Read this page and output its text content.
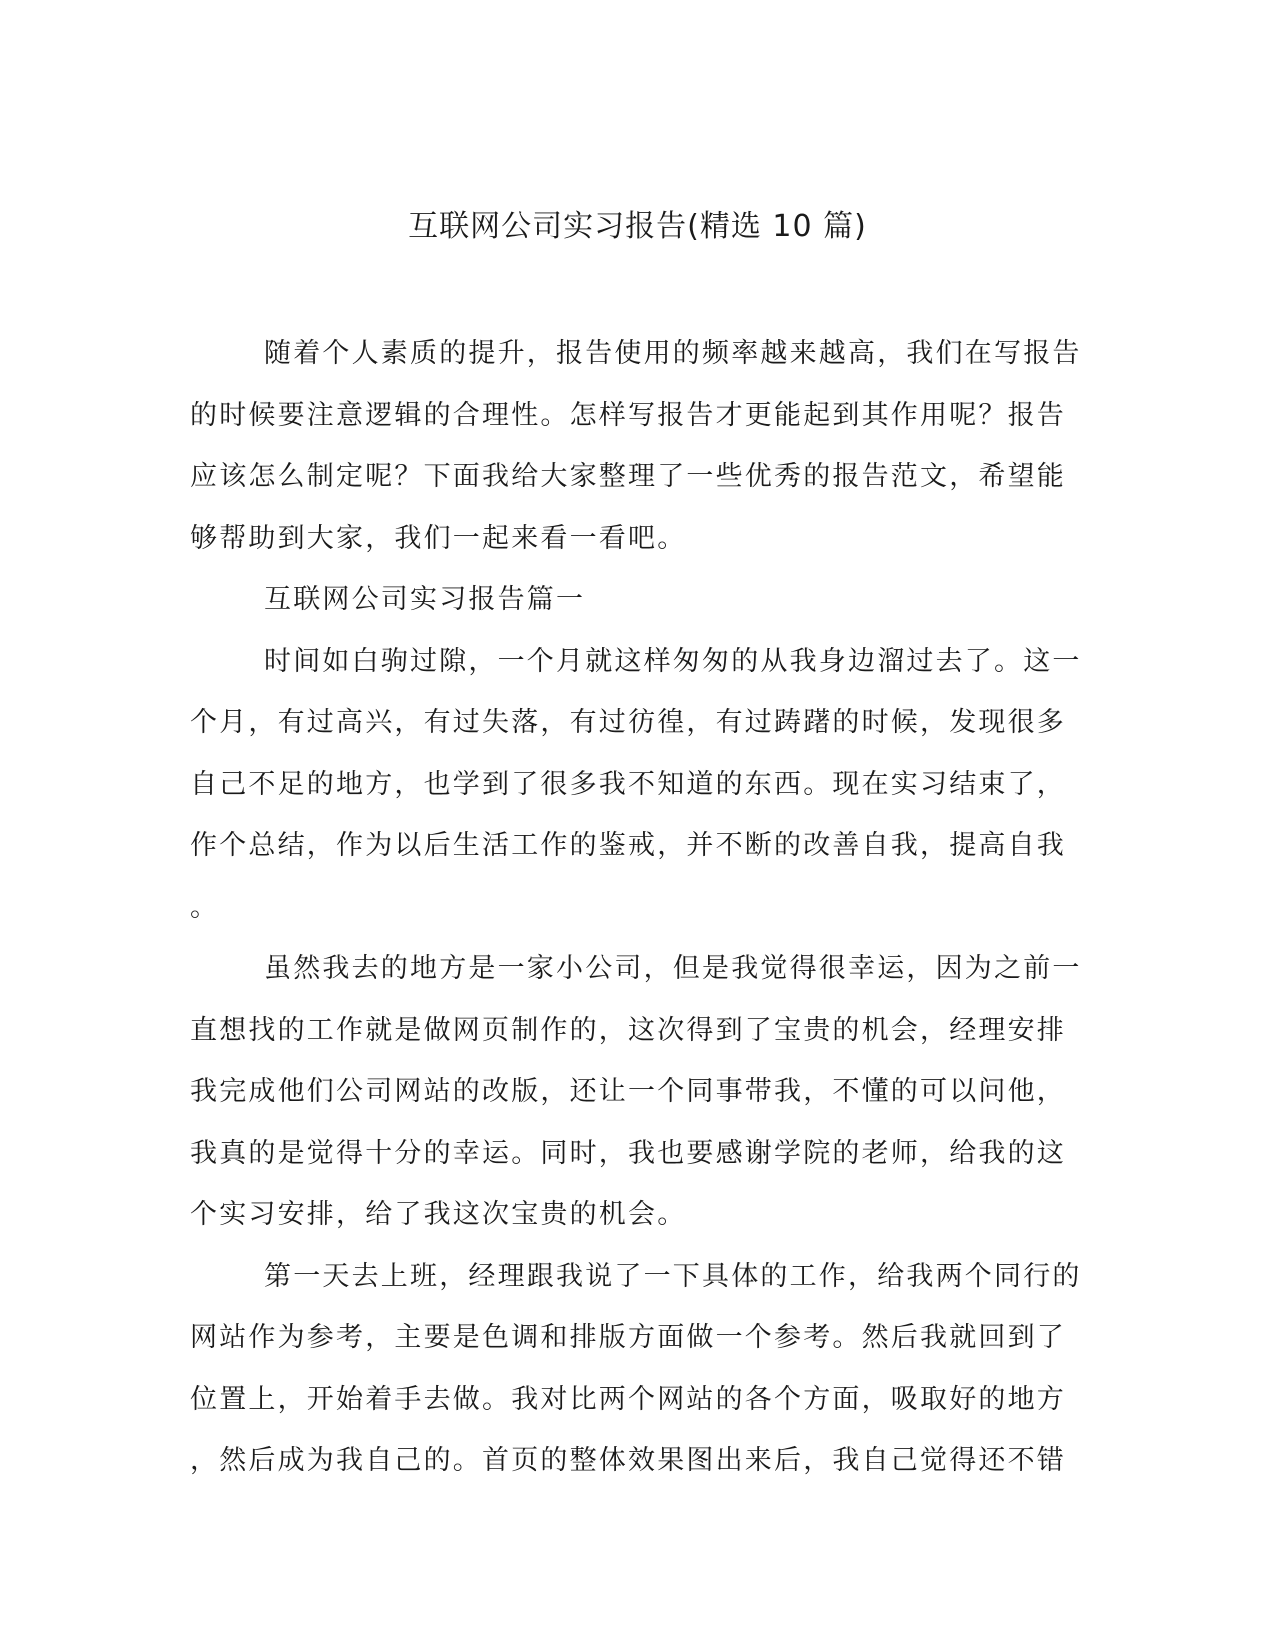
互联网公司实习报告(精选 10 篇)
随着个人素质的提升，报告使用的频率越来越高，我们在写报告
的时候要注意逻辑的合理性。怎样写报告才更能起到其作用呢？报告
应该怎么制定呢？下面我给大家整理了一些优秀的报告范文，希望能
够帮助到大家，我们一起来看一看吧。
互联网公司实习报告篇一
时间如白驹过隙，一个月就这样匆匆的从我身边溜过去了。这一
个月，有过高兴，有过失落，有过彷徨，有过踌躇的时候，发现很多
自己不足的地方，也学到了很多我不知道的东西。现在实习结束了，
作个总结，作为以后生活工作的鉴戒，并不断的改善自我，提高自我
。
虽然我去的地方是一家小公司，但是我觉得很幸运，因为之前一
直想找的工作就是做网页制作的，这次得到了宝贵的机会，经理安排
我完成他们公司网站的改版，还让一个同事带我，不懂的可以问他，
我真的是觉得十分的幸运。同时，我也要感谢学院的老师，给我的这
个实习安排，给了我这次宝贵的机会。
第一天去上班，经理跟我说了一下具体的工作，给我两个同行的
网站作为参考，主要是色调和排版方面做一个参考。然后我就回到了
位置上，开始着手去做。我对比两个网站的各个方面，吸取好的地方
，然后成为我自己的。首页的整体效果图出来后，我自己觉得还不错
